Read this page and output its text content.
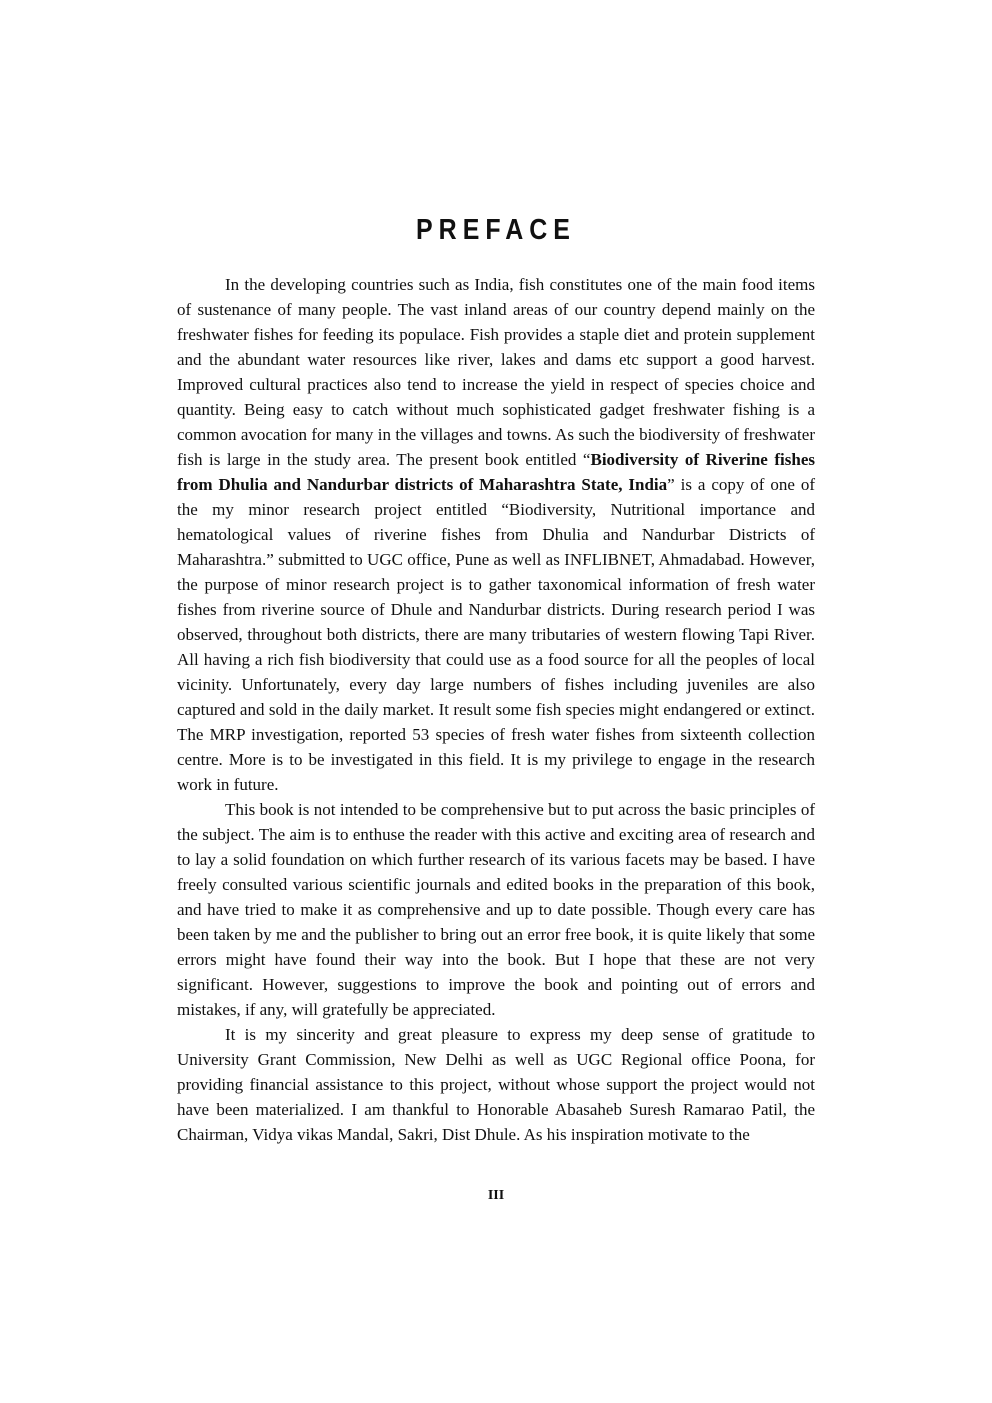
PREFACE

In the developing countries such as India, fish constitutes one of the main food items of sustenance of many people. The vast inland areas of our country depend mainly on the freshwater fishes for feeding its populace. Fish provides a staple diet and protein supplement and the abundant water resources like river, lakes and dams etc support a good harvest. Improved cultural practices also tend to increase the yield in respect of species choice and quantity. Being easy to catch without much sophisticated gadget freshwater fishing is a common avocation for many in the villages and towns. As such the biodiversity of freshwater fish is large in the study area. The present book entitled “Biodiversity of Riverine fishes from Dhulia and Nandurbar districts of Maharashtra State, India” is a copy of one of the my minor research project entitled “Biodiversity, Nutritional importance and hematological values of riverine fishes from Dhulia and Nandurbar Districts of Maharashtra.” submitted to UGC office, Pune as well as INFLIBNET, Ahmadabad. However, the purpose of minor research project is to gather taxonomical information of fresh water fishes from riverine source of Dhule and Nandurbar districts. During research period I was observed, throughout both districts, there are many tributaries of western flowing Tapi River. All having a rich fish biodiversity that could use as a food source for all the peoples of local vicinity. Unfortunately, every day large numbers of fishes including juveniles are also captured and sold in the daily market. It result some fish species might endangered or extinct. The MRP investigation, reported 53 species of fresh water fishes from sixteenth collection centre. More is to be investigated in this field. It is my privilege to engage in the research work in future.

This book is not intended to be comprehensive but to put across the basic principles of the subject. The aim is to enthuse the reader with this active and exciting area of research and to lay a solid foundation on which further research of its various facets may be based. I have freely consulted various scientific journals and edited books in the preparation of this book, and have tried to make it as comprehensive and up to date possible. Though every care has been taken by me and the publisher to bring out an error free book, it is quite likely that some errors might have found their way into the book. But I hope that these are not very significant. However, suggestions to improve the book and pointing out of errors and mistakes, if any, will gratefully be appreciated.

It is my sincerity and great pleasure to express my deep sense of gratitude to University Grant Commission, New Delhi as well as UGC Regional office Poona, for providing financial assistance to this project, without whose support the project would not have been materialized. I am thankful to Honorable Abasaheb Suresh Ramarao Patil, the Chairman, Vidya vikas Mandal, Sakri, Dist Dhule. As his inspiration motivate to the

III
